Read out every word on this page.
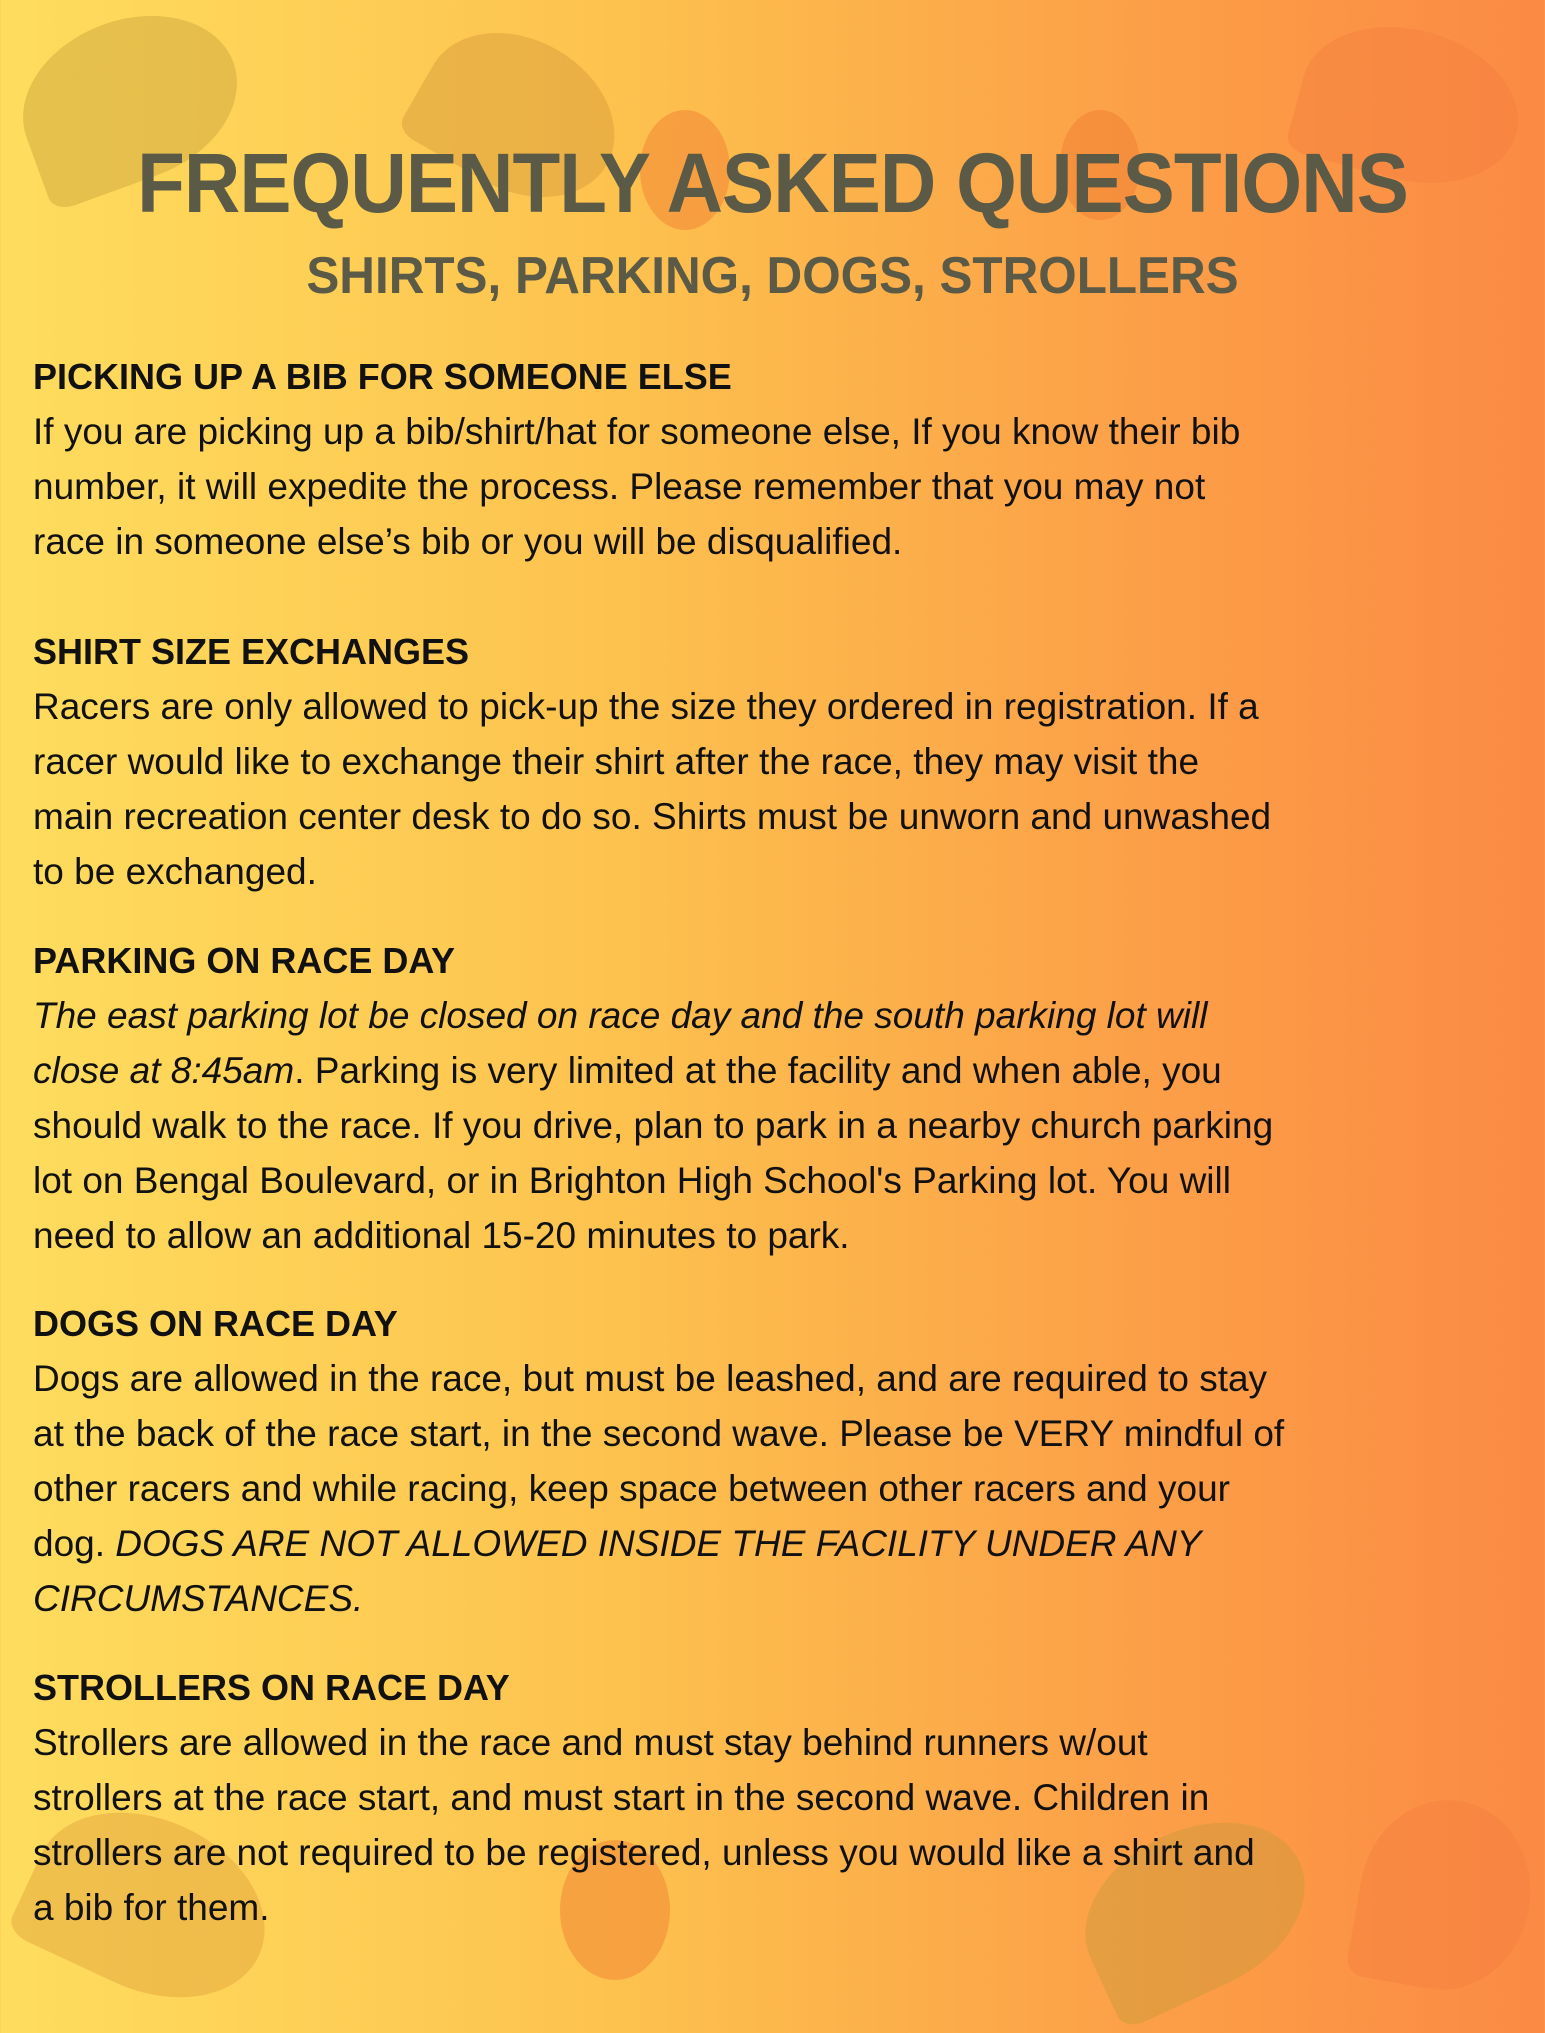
FREQUENTLY ASKED QUESTIONS
SHIRTS, PARKING, DOGS, STROLLERS
PICKING UP A BIB FOR SOMEONE ELSE
If you are picking up a bib/shirt/hat for someone else, If you know their bib
number, it will expedite the process. Please remember that you may not
race in someone else’s bib or you will be disqualified.
SHIRT SIZE EXCHANGES
Racers are only allowed to pick-up the size they ordered in registration. If a
racer would like to exchange their shirt after the race, they may visit the
main recreation center desk to do so. Shirts must be unworn and unwashed
to be exchanged.
PARKING ON RACE DAY
The east parking lot be closed on race day and the south parking lot will
close at 8:45am. Parking is very limited at the facility and when able, you
should walk to the race. If you drive, plan to park in a nearby church parking
lot on Bengal Boulevard, or in Brighton High School's Parking lot. You will
need to allow an additional 15-20 minutes to park.
DOGS ON RACE DAY
Dogs are allowed in the race, but must be leashed, and are required to stay
at the back of the race start, in the second wave. Please be VERY mindful of
other racers and while racing, keep space between other racers and your
dog. DOGS ARE NOT ALLOWED INSIDE THE FACILITY UNDER ANY
CIRCUMSTANCES.
STROLLERS ON RACE DAY
Strollers are allowed in the race and must stay behind runners w/out
strollers at the race start, and must start in the second wave. Children in
strollers are not required to be registered, unless you would like a shirt and
a bib for them.
